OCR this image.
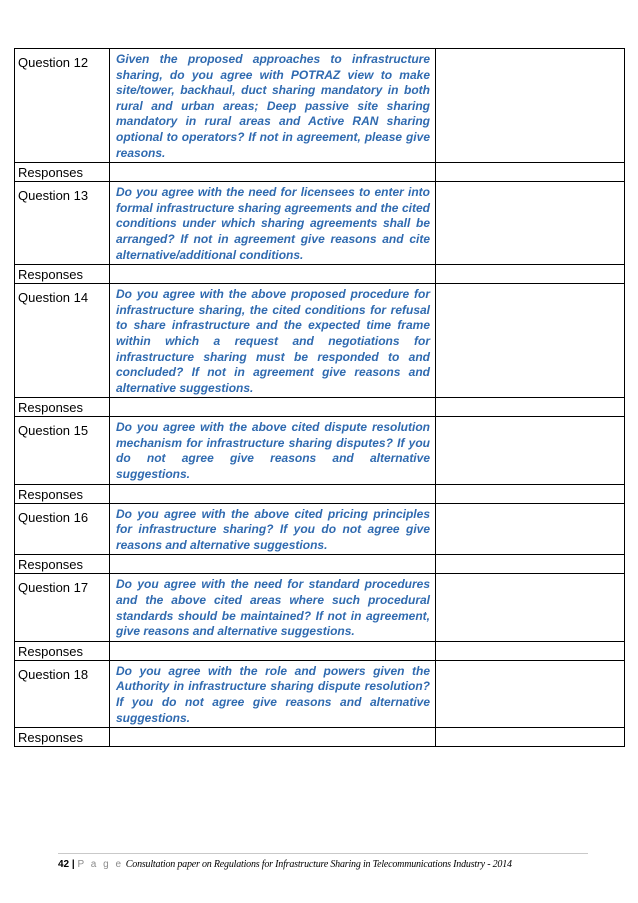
Question 12	Given the proposed approaches to infrastructure sharing, do you agree with POTRAZ view to make site/tower, backhaul, duct sharing mandatory in both rural and urban areas; Deep passive site sharing mandatory in rural areas and Active RAN sharing optional to operators? If not in agreement, please give reasons.	
Responses		
Question 13	Do you agree with the need for licensees to enter into formal infrastructure sharing agreements and the cited conditions under which sharing agreements shall be arranged? If not in agreement give reasons and cite alternative/additional conditions.	
Responses		
Question 14	Do you agree with the above proposed procedure for infrastructure sharing, the cited conditions for refusal to share infrastructure and the expected time frame within which a request and negotiations for infrastructure sharing must be responded to and concluded? If not in agreement give reasons and alternative suggestions.	
Responses		
Question 15	Do you agree with the above cited dispute resolution mechanism for infrastructure sharing disputes? If you do not agree give reasons and alternative suggestions.	
Responses		
Question 16	Do you agree with the above cited pricing principles for infrastructure sharing? If you do not agree give reasons and alternative suggestions.	
Responses		
Question 17	Do you agree with the need for standard procedures and the above cited areas where such procedural standards should be maintained? If not in agreement, give reasons and alternative suggestions.	
Responses		
Question 18	Do you agree with the role and powers given the Authority in infrastructure sharing dispute resolution? If you do not agree give reasons and alternative suggestions.	
Responses		
42 | P a g e Consultation paper on Regulations for Infrastructure Sharing in Telecommunications Industry - 2014
